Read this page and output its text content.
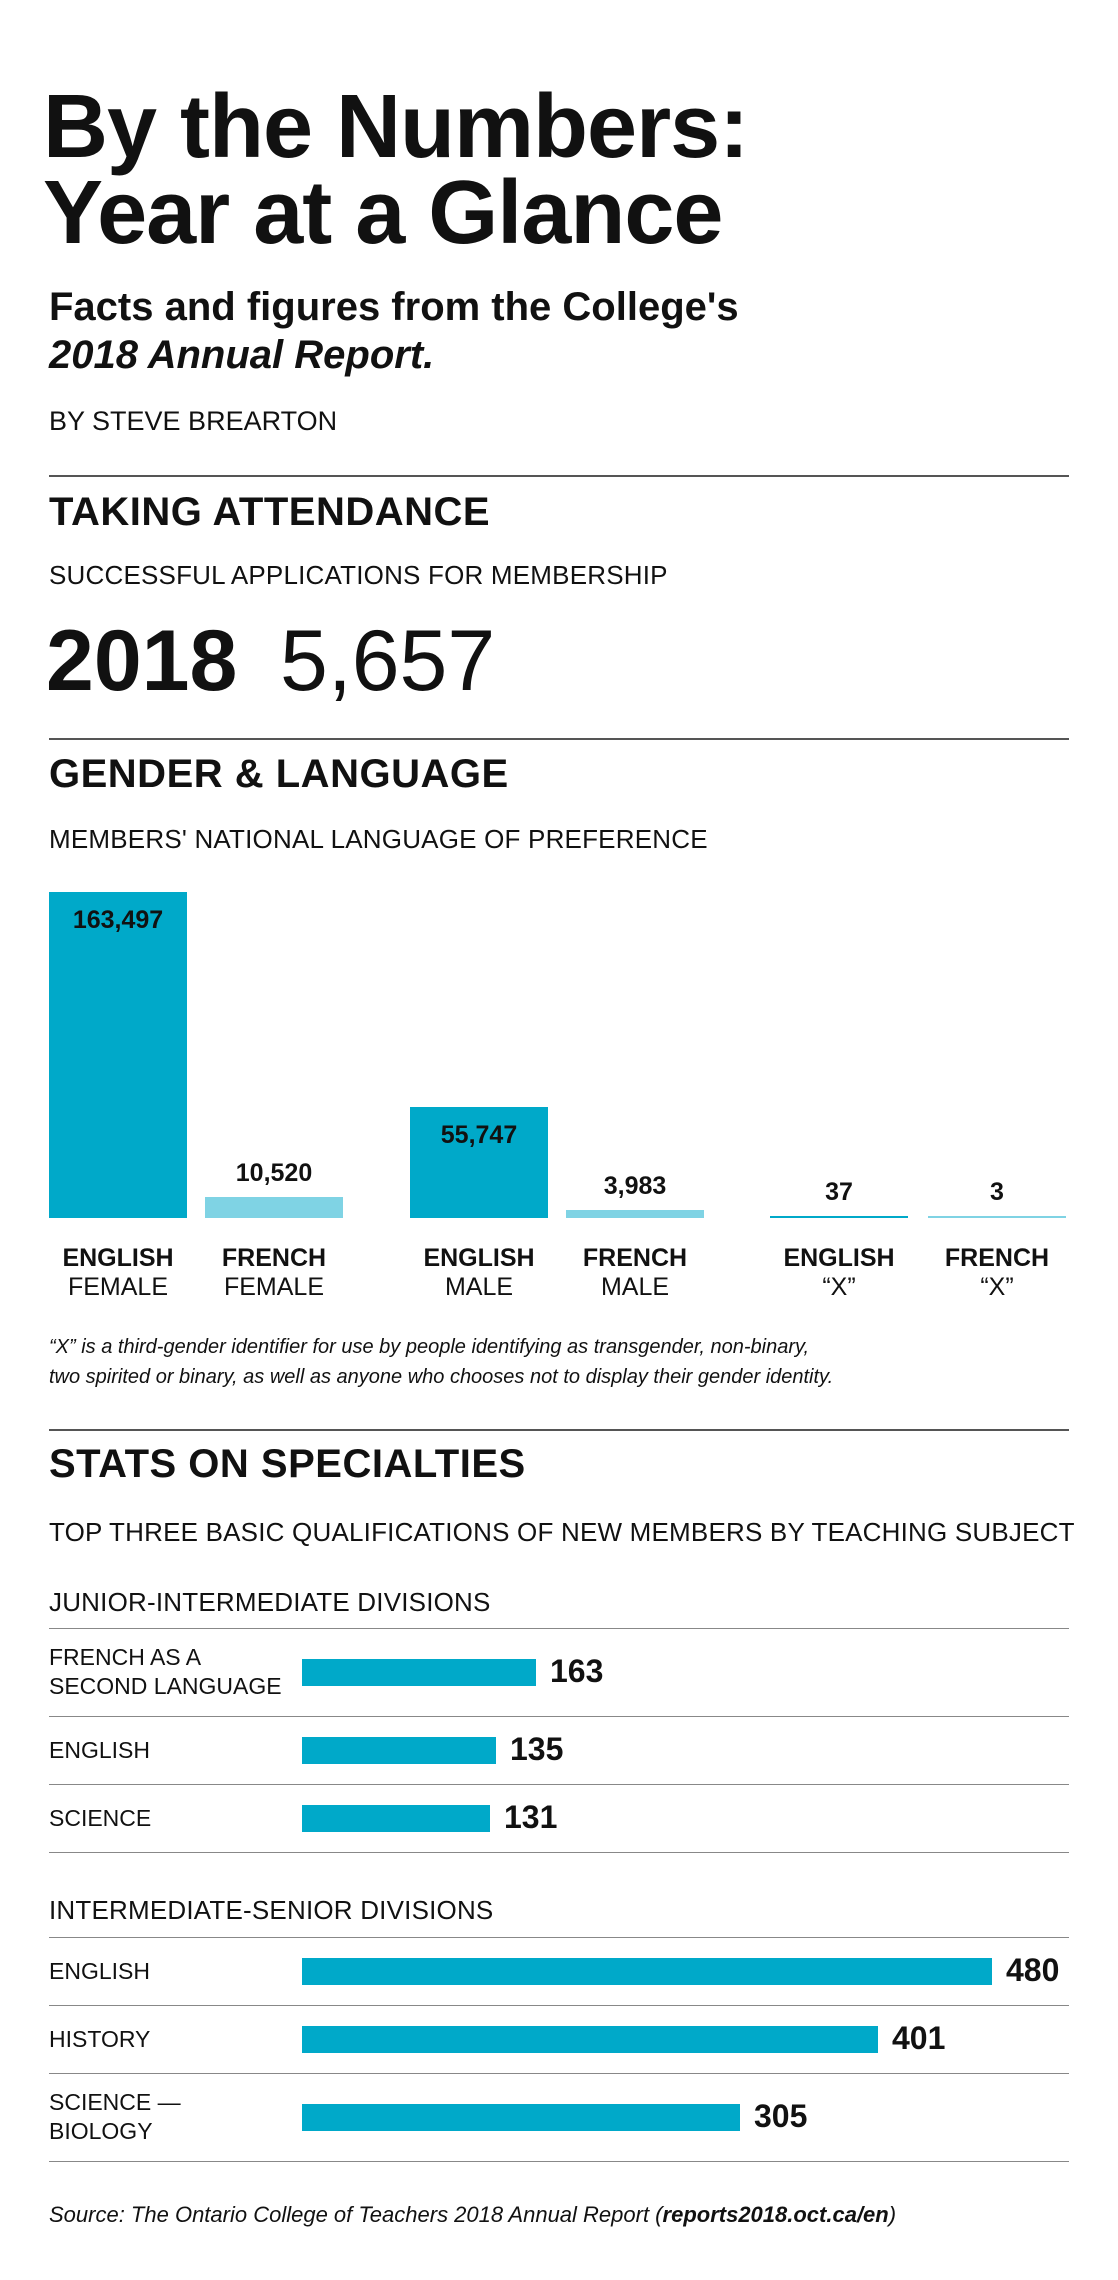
By the Numbers:
Year at a Glance
Facts and figures from the College's
2018 Annual Report.
BY STEVE BREARTON
TAKING ATTENDANCE
SUCCESSFUL APPLICATIONS FOR MEMBERSHIP
2018 5,657
GENDER & LANGUAGE
MEMBERS' NATIONAL LANGUAGE OF PREFERENCE
163,497
ENGLISH
FEMALE
10,520
FRENCH
FEMALE
55,747
ENGLISH
MALE
3,983
FRENCH
MALE
37
ENGLISH
“X”
3
FRENCH
“X”
“X” is a third-gender identifier for use by people identifying as transgender, non-binary,
two spirited or binary, as well as anyone who chooses not to display their gender identity.
STATS ON SPECIALTIES
TOP THREE BASIC QUALIFICATIONS OF NEW MEMBERS BY TEACHING SUBJECT
JUNIOR-INTERMEDIATE DIVISIONS
FRENCH AS A
SECOND LANGUAGE	163
ENGLISH	135
SCIENCE	131
INTERMEDIATE-SENIOR DIVISIONS
ENGLISH	480
HISTORY	401
SCIENCE —
BIOLOGY	305
Source: The Ontario College of Teachers 2018 Annual Report (reports2018.oct.ca/en)
